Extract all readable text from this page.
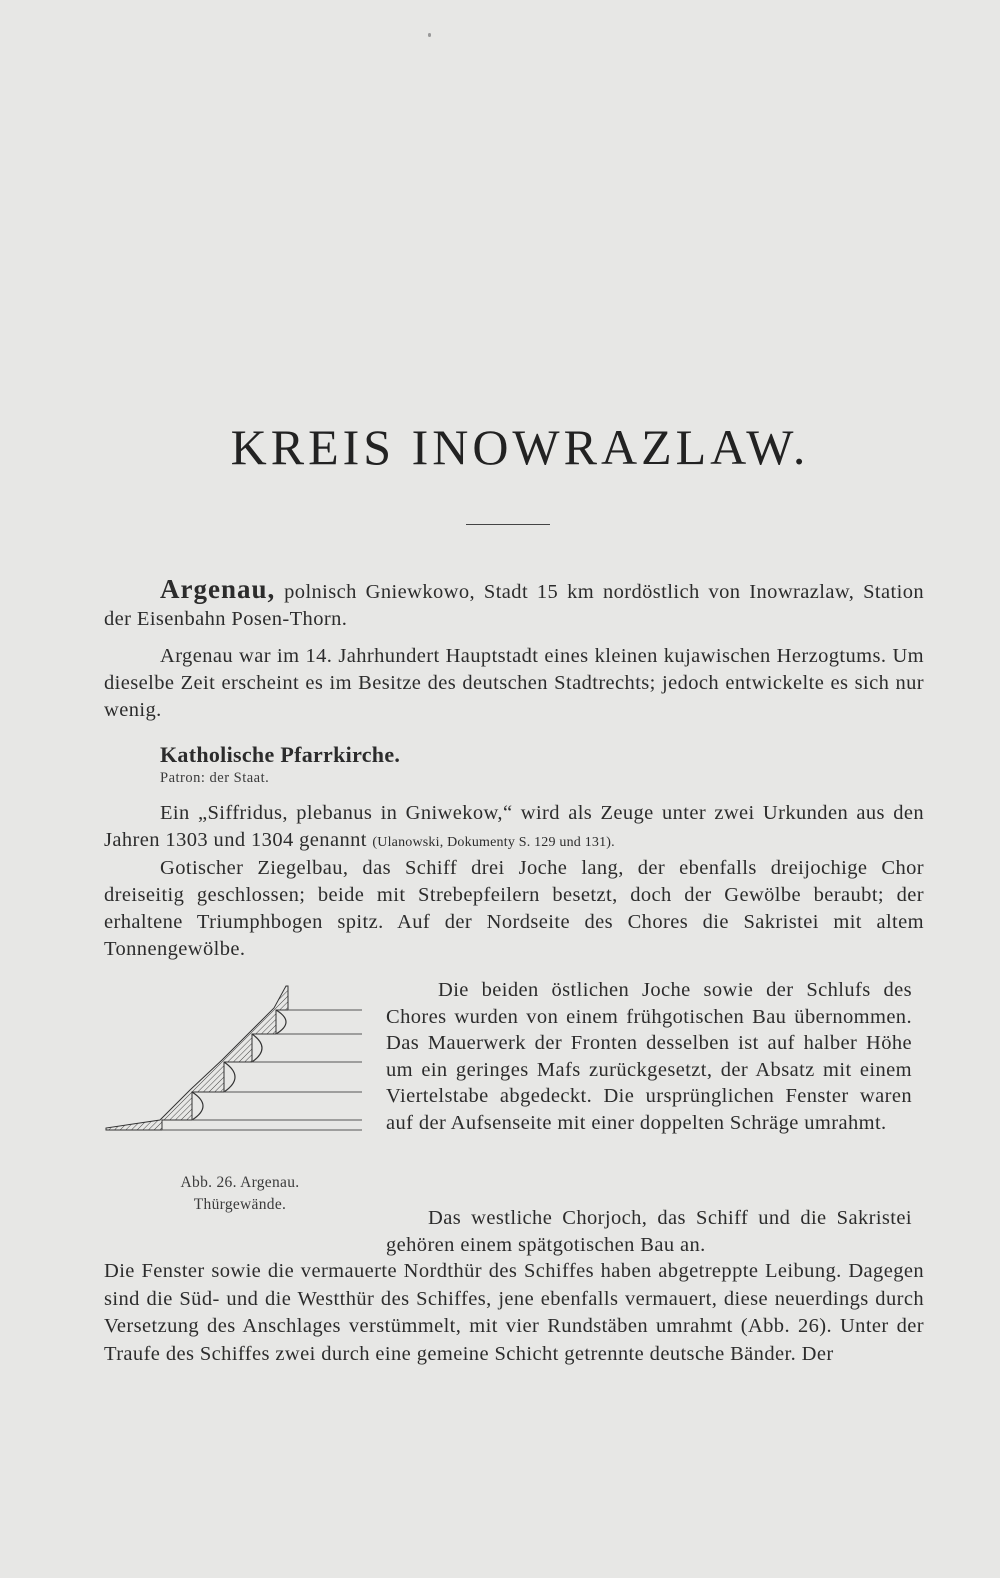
KREIS INOWRAZLAW.
Argenau, polnisch Gniewkowo, Stadt 15 km nordöstlich von Inowrazlaw, Station der Eisenbahn Posen-Thorn.
Argenau war im 14. Jahrhundert Hauptstadt eines kleinen kujawischen Herzogtums. Um dieselbe Zeit erscheint es im Besitze des deutschen Stadtrechts; jedoch entwickelte es sich nur wenig.
Katholische Pfarrkirche.
Patron: der Staat.
Ein „Siffridus, plebanus in Gniwekow,“ wird als Zeuge unter zwei Urkunden aus den Jahren 1303 und 1304 genannt (Ulanowski, Dokumenty S. 129 und 131).
Gotischer Ziegelbau, das Schiff drei Joche lang, der ebenfalls dreijochige Chor dreiseitig geschlossen; beide mit Strebepfeilern besetzt, doch der Gewölbe beraubt; der erhaltene Triumphbogen spitz. Auf der Nordseite des Chores die Sakristei mit altem Tonnengewölbe.
Abb. 26. Argenau.
Thürgewände.
Die beiden östlichen Joche sowie der Schlufs des Chores wurden von einem frühgotischen Bau übernommen. Das Mauerwerk der Fronten desselben ist auf halber Höhe um ein geringes Mafs zurückgesetzt, der Absatz mit einem Viertelstabe abgedeckt. Die ursprünglichen Fenster waren auf der Aufsenseite mit einer doppelten Schräge umrahmt.
Das westliche Chorjoch, das Schiff und die Sakristei gehören einem spätgotischen Bau an.
Die Fenster sowie die vermauerte Nordthür des Schiffes haben abgetreppte Leibung. Dagegen sind die Süd- und die Westthür des Schiffes, jene ebenfalls vermauert, diese neuerdings durch Versetzung des Anschlages verstümmelt, mit vier Rundstäben umrahmt (Abb. 26). Unter der Traufe des Schiffes zwei durch eine gemeine Schicht getrennte deutsche Bänder. Der
